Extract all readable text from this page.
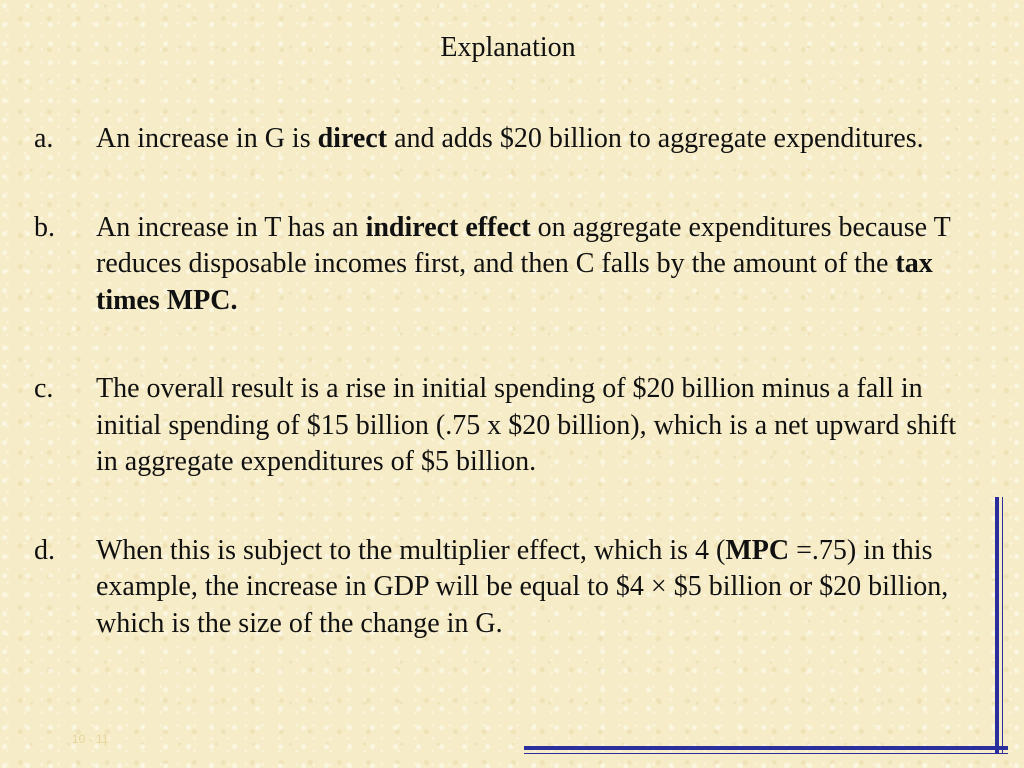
Explanation
a. An increase in G is direct and adds $20 billion to aggregate expenditures.
b. An increase in T has an indirect effect on aggregate expenditures because T reduces disposable incomes first, and then C falls by the amount of the tax times MPC.
c. The overall result is a rise in initial spending of $20 billion minus a fall in initial spending of $15 billion (.75 x $20 billion), which is a net upward shift in aggregate expenditures of $5 billion.
d. When this is subject to the multiplier effect, which is 4 (MPC =.75) in this example, the increase in GDP will be equal to $4 × $5 billion or $20 billion, which is the size of the change in G.
10 - 11
